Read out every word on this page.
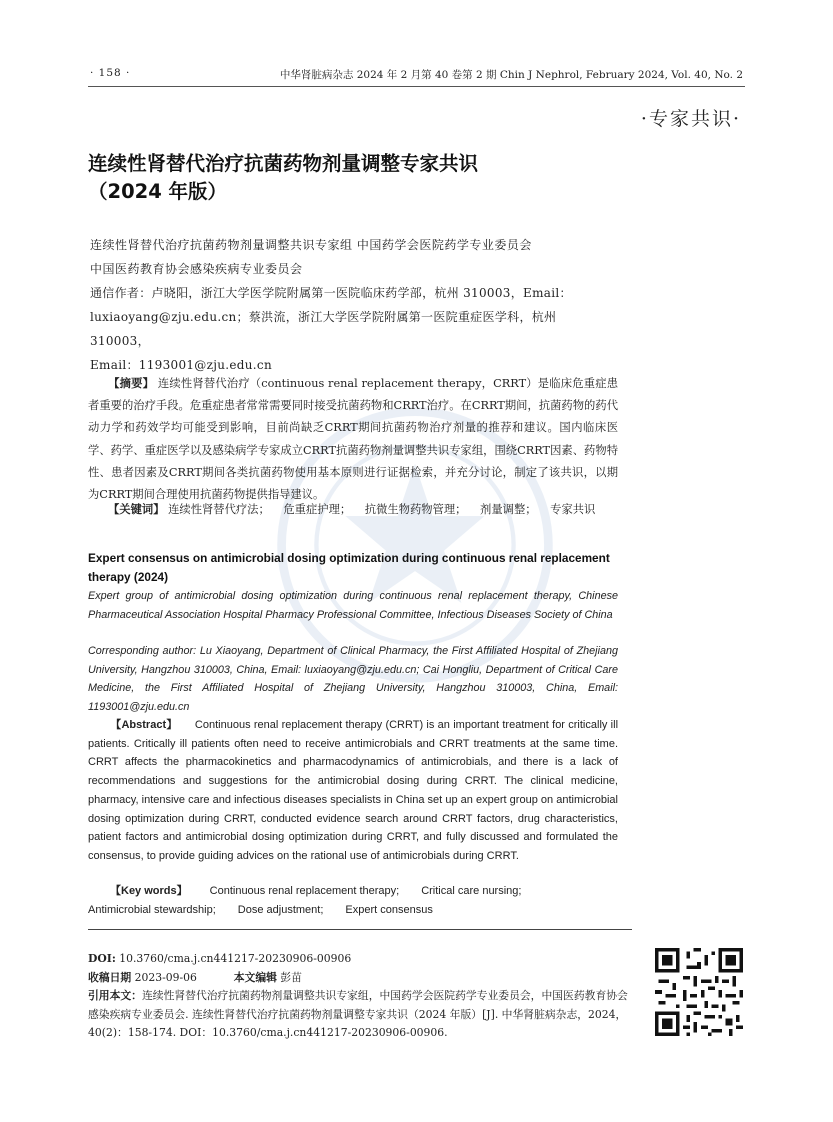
· 158 ·	中华肾脏病杂志 2024 年 2 月第 40 卷第 2 期 Chin J Nephrol, February 2024, Vol. 40, No. 2
·专家共识·
连续性肾替代治疗抗菌药物剂量调整专家共识
（2024 年版）
连续性肾替代治疗抗菌药物剂量调整共识专家组 中国药学会医院药学专业委员会
中国医药教育协会感染疾病专业委员会
通信作者：卢晓阳，浙江大学医学院附属第一医院临床药学部，杭州 310003，Email：
luxiaoyang@zju.edu.cn；蔡洪流，浙江大学医学院附属第一医院重症医学科，杭州 310003，
Email：1193001@zju.edu.cn
【摘要】 连续性肾替代治疗（continuous renal replacement therapy，CRRT）是临床危重症患者重要的治疗手段。危重症患者常常需要同时接受抗菌药物和CRRT治疗。在CRRT期间，抗菌药物的药代动力学和药效学均可能受到影响，目前尚缺乏CRRT期间抗菌药物治疗剂量的推荐和建议。国内临床医学、药学、重症医学以及感染病学专家成立CRRT抗菌药物剂量调整共识专家组，围绕CRRT因素、药物特性、患者因素及CRRT期间各类抗菌药物使用基本原则进行证据检索，并充分讨论，制定了该共识，以期为CRRT期间合理使用抗菌药物提供指导建议。
【关键词】 连续性肾替代疗法； 危重症护理； 抗微生物药物管理； 剂量调整； 专家共识
Expert consensus on antimicrobial dosing optimization during continuous renal replacement therapy (2024)
Expert group of antimicrobial dosing optimization during continuous renal replacement therapy, Chinese Pharmaceutical Association Hospital Pharmacy Professional Committee, Infectious Diseases Society of China
Corresponding author: Lu Xiaoyang, Department of Clinical Pharmacy, the First Affiliated Hospital of Zhejiang University, Hangzhou 310003, China, Email: luxiaoyang@zju.edu.cn; Cai Hongliu, Department of Critical Care Medicine, the First Affiliated Hospital of Zhejiang University, Hangzhou 310003, China, Email: 1193001@zju.edu.cn
【Abstract】 Continuous renal replacement therapy (CRRT) is an important treatment for critically ill patients. Critically ill patients often need to receive antimicrobials and CRRT treatments at the same time. CRRT affects the pharmacokinetics and pharmacodynamics of antimicrobials, and there is a lack of recommendations and suggestions for the antimicrobial dosing during CRRT. The clinical medicine, pharmacy, intensive care and infectious diseases specialists in China set up an expert group on antimicrobial dosing optimization during CRRT, conducted evidence search around CRRT factors, drug characteristics, patient factors and antimicrobial dosing optimization during CRRT, and fully discussed and formulated the consensus, to provide guiding advices on the rational use of antimicrobials during CRRT.
【Key words】 Continuous renal replacement therapy; Critical care nursing;
Antimicrobial stewardship; Dose adjustment; Expert consensus
DOI: 10.3760/cma.j.cn441217-20230906-00906
收稿日期 2023-09-06	本文编辑 彭苗
引用本文：连续性肾替代治疗抗菌药物剂量调整共识专家组，中国药学会医院药学专业委员会，中国医药教育协会感染疾病专业委员会. 连续性肾替代治疗抗菌药物剂量调整专家共识（2024 年版）[J]. 中华肾脏病杂志，2024，40(2)：158-174. DOI：10.3760/cma.j.cn441217-20230906-00906.
